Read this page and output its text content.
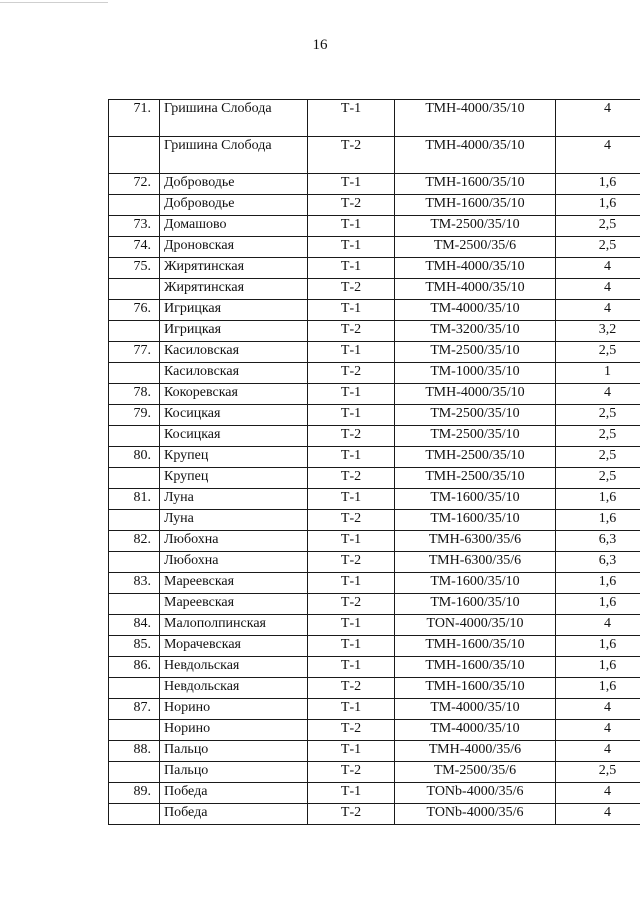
16
71.	Гришина Слобода	Т-1	ТМН-4000/35/10	4
	Гришина Слобода	Т-2	ТМН-4000/35/10	4
72.	Доброводье	Т-1	ТМН-1600/35/10	1,6
	Доброводье	Т-2	ТМН-1600/35/10	1,6
73.	Домашово	Т-1	ТМ-2500/35/10	2,5
74.	Дроновская	Т-1	ТМ-2500/35/6	2,5
75.	Жирятинская	Т-1	ТМН-4000/35/10	4
	Жирятинская	Т-2	ТМН-4000/35/10	4
76.	Игрицкая	Т-1	ТМ-4000/35/10	4
	Игрицкая	Т-2	ТМ-3200/35/10	3,2
77.	Касиловская	Т-1	ТМ-2500/35/10	2,5
	Касиловская	Т-2	ТМ-1000/35/10	1
78.	Кокоревская	Т-1	ТМН-4000/35/10	4
79.	Косицкая	Т-1	ТМ-2500/35/10	2,5
	Косицкая	Т-2	ТМ-2500/35/10	2,5
80.	Крупец	Т-1	ТМН-2500/35/10	2,5
	Крупец	Т-2	ТМН-2500/35/10	2,5
81.	Луна	Т-1	ТМ-1600/35/10	1,6
	Луна	Т-2	ТМ-1600/35/10	1,6
82.	Любохна	Т-1	ТМН-6300/35/6	6,3
	Любохна	Т-2	ТМН-6300/35/6	6,3
83.	Мареевская	Т-1	ТМ-1600/35/10	1,6
	Мареевская	Т-2	ТМ-1600/35/10	1,6
84.	Малополпинская	Т-1	TON-4000/35/10	4
85.	Морачевская	Т-1	ТМН-1600/35/10	1,6
86.	Невдольская	Т-1	ТМН-1600/35/10	1,6
	Невдольская	Т-2	ТМН-1600/35/10	1,6
87.	Норино	Т-1	ТМ-4000/35/10	4
	Норино	Т-2	ТМ-4000/35/10	4
88.	Пальцо	Т-1	ТМН-4000/35/6	4
	Пальцо	Т-2	ТМ-2500/35/6	2,5
89.	Победа	Т-1	TONb-4000/35/6	4
	Победа	Т-2	TONb-4000/35/6	4
